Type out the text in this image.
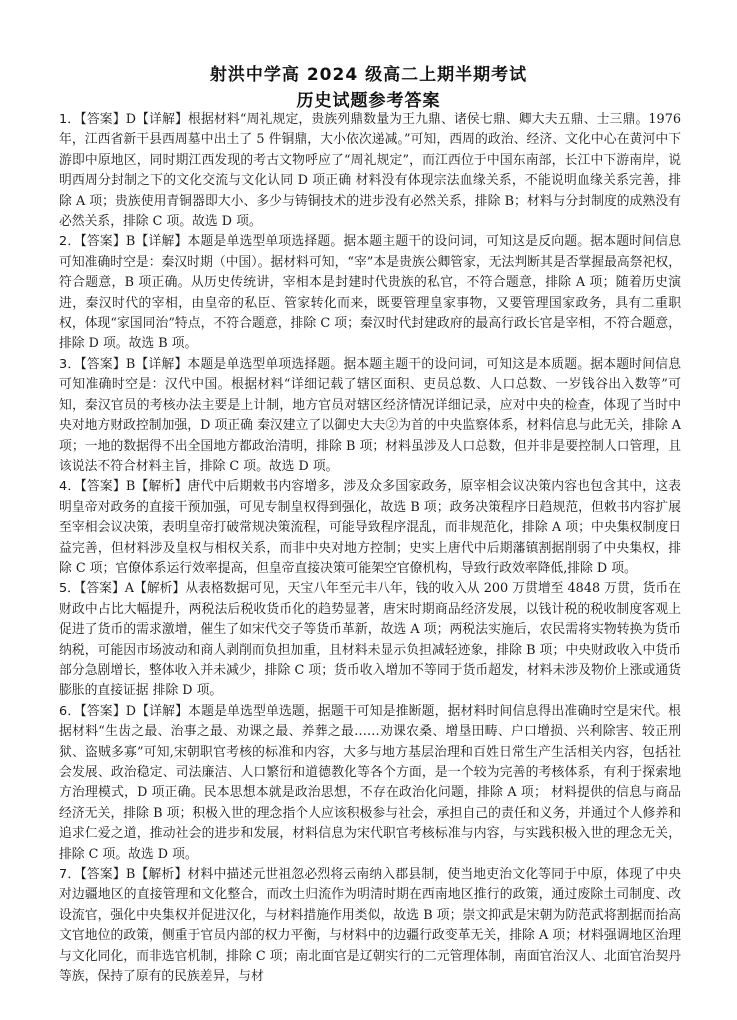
射洪中学高 2024 级高二上期半期考试
历史试题参考答案

1．【答案】D【详解】根据材料“周礼规定，贵族列鼎数量为王九鼎、诸侯七鼎、卿大夫五鼎、士三鼎。1976 年，江西省新干县西周墓中出土了 5 件铜鼎，大小依次递减。”可知，西周的政治、经济、文化中心在黄河中下游即中原地区，同时期江西发现的考古文物呼应了“周礼规定”，而江西位于中国东南部，长江中下游南岸，说明西周分封制之下的文化交流与文化认同 D 项正确 材料没有体现宗法血缘关系，不能说明血缘关系完善，排除 A 项；贵族使用青铜器即大小、多少与铸铜技术的进步没有必然关系，排除 B；材料与分封制度的成熟没有必然关系，排除 C 项。故选 D 项。

2．【答案】B【详解】本题是单选型单项选择题。据本题主题干的设问词，可知这是反向题。据本题时间信息可知准确时空是：秦汉时期（中国）。据材料可知，“宰”本是贵族公卿管家，无法判断其是否掌握最高祭祀权，符合题意，B 项正确。从历史传统讲，宰相本是封建时代贵族的私官，不符合题意，排除 A 项；随着历史演进，秦汉时代的宰相，由皇帝的私臣、管家转化而来，既要管理皇家事物，又要管理国家政务，具有二重职权，体现“家国同治”特点，不符合题意，排除 C 项；秦汉时代封建政府的最高行政长官是宰相，不符合题意，排除 D 项。故选 B 项。

3．【答案】B【详解】本题是单选型单项选择题。据本题主题干的设问词，可知这是本质题。据本题时间信息可知准确时空是：汉代中国。根据材料“详细记载了辖区面积、吏员总数、人口总数、一岁钱谷出入数等”可知，秦汉官员的考核办法主要是上计制，地方官员对辖区经济情况详细记录，应对中央的检查，体现了当时中央对地方财政控制加强，D 项正确 秦汉建立了以御史大夫②为首的中央监察体系，材料信息与此无关，排除 A 项；一地的数据得不出全国地方都政治清明，排除 B 项；材料虽涉及人口总数，但并非是要控制人口管理，且该说法不符合材料主旨，排除 C 项。故选 D 项。

4．【答案】B【解析】唐代中后期敕书内容增多，涉及众多国家政务，原宰相会议决策内容也包含其中，这表明皇帝对政务的直接干预加强，可见专制皇权得到强化，故选 B 项；政务决策程序日趋规范，但敕书内容扩展至宰相会议决策，表明皇帝打破常规决策流程，可能导致程序混乱，而非规范化，排除 A 项；中央集权制度日益完善，但材料涉及皇权与相权关系，而非中央对地方控制；史实上唐代中后期藩镇割据削弱了中央集权，排除 C 项；官僚体系运行效率提高，但皇帝直接决策可能架空官僚机构，导致行政效率降低,排除 D 项。

5．【答案】A【解析】从表格数据可见，天宝八年至元丰八年，钱的收入从 200 万贯增至 4848 万贯，货币在财政中占比大幅提升，两税法后税收货币化的趋势显著，唐宋时期商品经济发展，以钱计税的税收制度客观上促进了货币的需求激增，催生了如宋代交子等货币革新，故选 A 项；两税法实施后，农民需将实物转换为货币纳税，可能因市场波动和商人剥削而负担加重，且材料未显示负担减轻迹象，排除 B 项；中央财政收入中货币部分急剧增长，整体收入并未减少，排除 C 项；货币收入增加不等同于货币超发，材料未涉及物价上涨或通货膨胀的直接证据 排除 D 项。

6．【答案】D【详解】本题是单选型单选题，据题干可知是推断题，据材料时间信息得出准确时空是宋代。根据材料“生齿之最、治事之最、劝课之最、养葬之最……劝课农桑、增垦田畴、户口增损、兴利除害、较正刑狱、盗贼多寡”可知,宋朝职官考核的标准和内容，大多与地方基层治理和百姓日常生产生活相关内容，包括社会发展、政治稳定、司法廉洁、人口繁衍和道德教化等各个方面，是一个较为完善的考核体系，有利于探索地方治理模式，D 项正确。民本思想本就是政治思想，不存在政治化问题，排除 A 项； 材料提供的信息与商品经济无关，排除 B 项；积极入世的理念指个人应该积极参与社会，承担自己的责任和义务，并通过个人修养和追求仁爱之道，推动社会的进步和发展，材料信息为宋代职官考核标准与内容，与实践积极入世的理念无关，排除 C 项。故选 D 项。

7．【答案】B【解析】材料中描述元世祖忽必烈将云南纳入郡县制，使当地吏治文化等同于中原，体现了中央对边疆地区的直接管理和文化整合，而改土归流作为明清时期在西南地区推行的政策，通过废除土司制度、改设流官，强化中央集权并促进汉化，与材料措施作用类似，故选 B 项；崇文抑武是宋朝为防范武将割据而抬高文官地位的政策，侧重于官员内部的权力平衡，与材料中的边疆行政变革无关，排除 A 项；材料强调地区治理与文化同化，而非选官机制，排除 C 项；南北面官是辽朝实行的二元管理体制，南面官治汉人、北面官治契丹等族，保持了原有的民族差异，与材
